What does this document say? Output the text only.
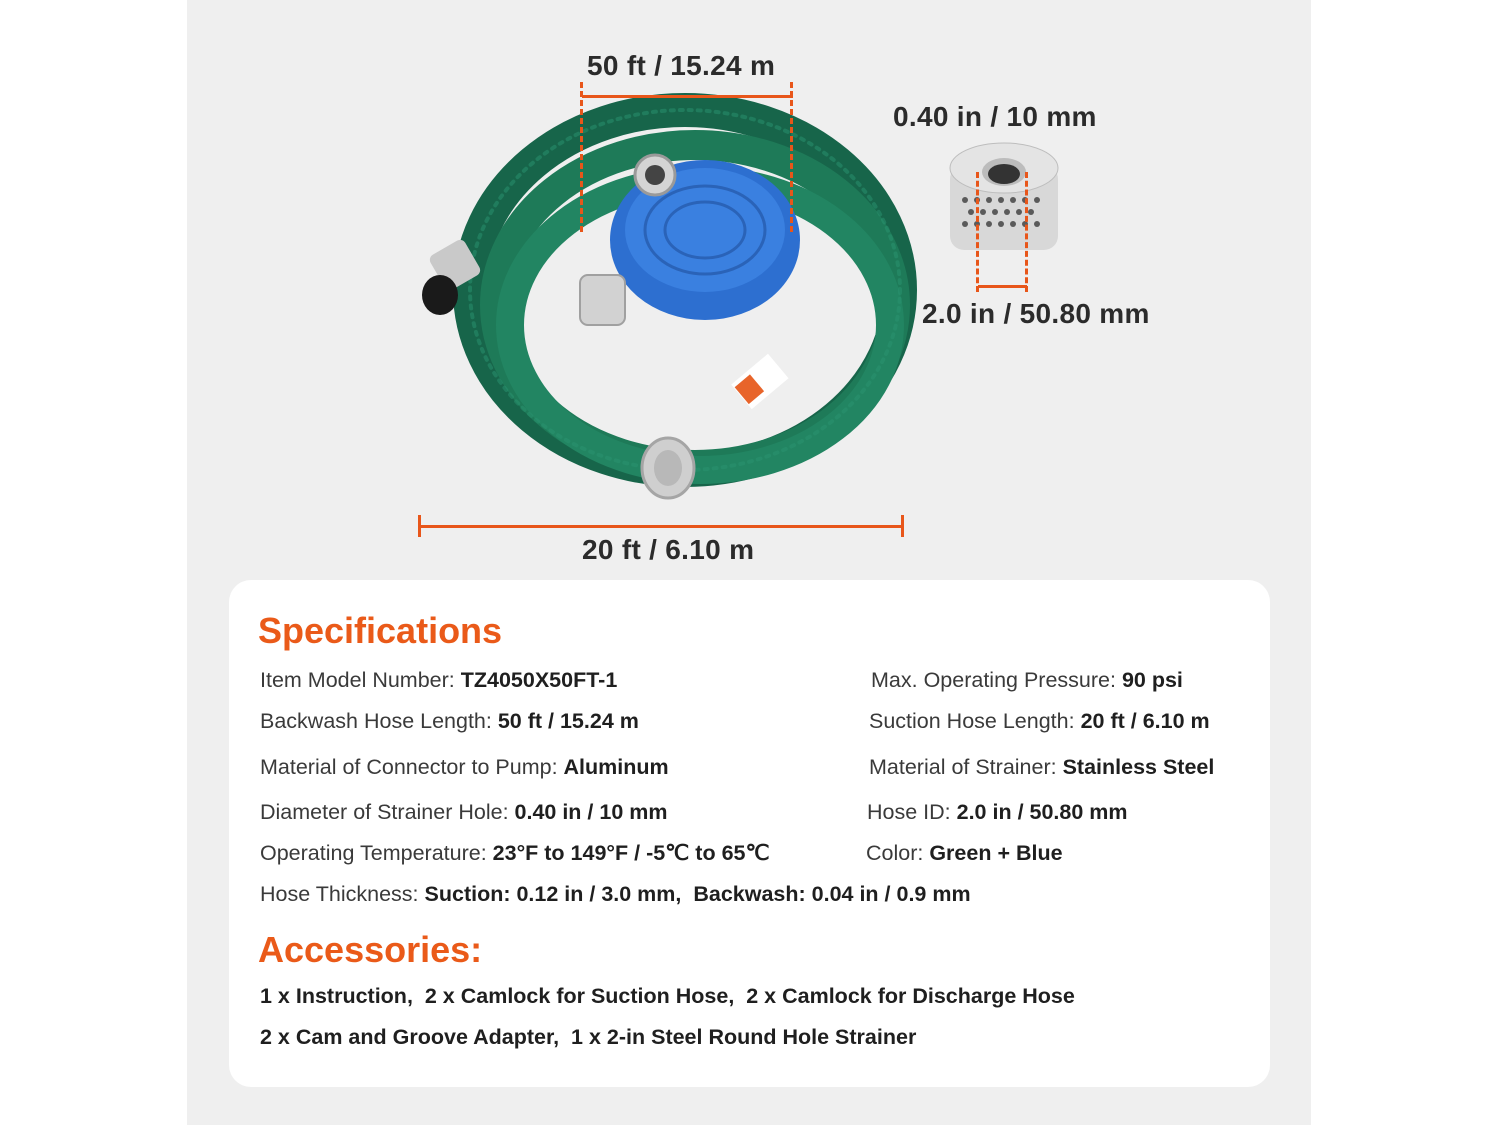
50 ft / 15.24 m
0.40 in / 10 mm
2.0 in / 50.80 mm
20 ft / 6.10 m
Specifications
Item Model Number: TZ4050X50FT-1
Backwash Hose Length: 50 ft / 15.24 m
Material of Connector to Pump: Aluminum
Diameter of Strainer Hole: 0.40 in / 10 mm
Operating Temperature: 23°F to 149°F / -5℃ to 65℃
Max. Operating Pressure: 90 psi
Suction Hose Length: 20 ft / 6.10 m
Material of Strainer: Stainless Steel
Hose ID: 2.0 in / 50.80 mm
Color: Green + Blue
Hose Thickness: Suction: 0.12 in / 3.0 mm,  Backwash: 0.04 in / 0.9 mm
Accessories:
1 x Instruction,  2 x Camlock for Suction Hose,  2 x Camlock for Discharge Hose
2 x Cam and Groove Adapter,  1 x 2-in Steel Round Hole Strainer
